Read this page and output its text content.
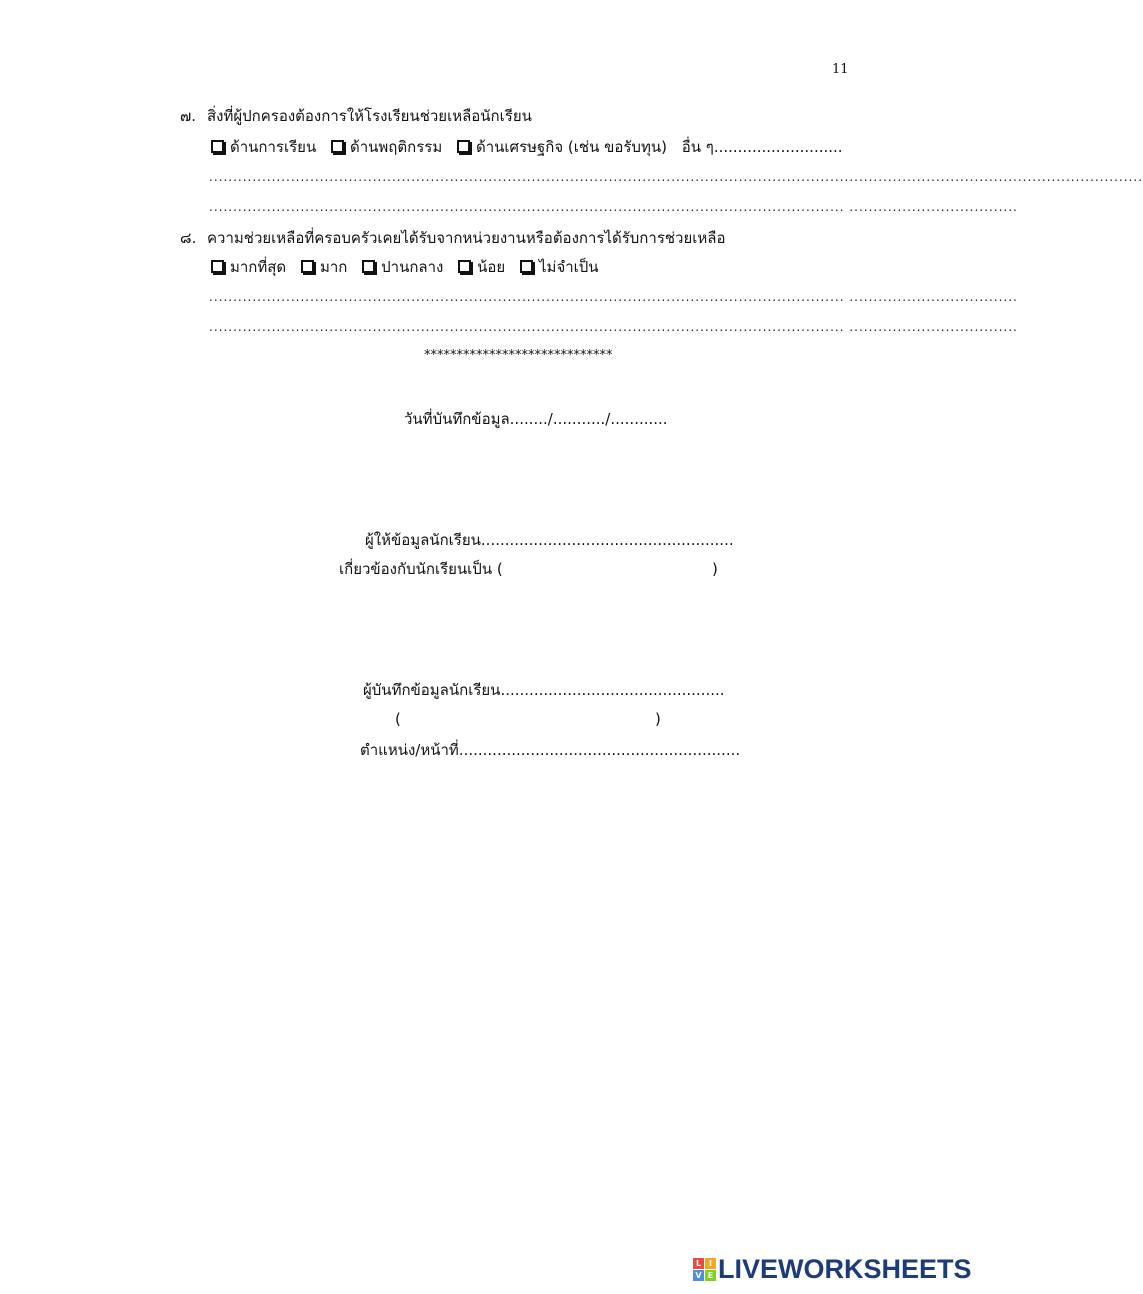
11
๗. สิ่งที่ผู้ปกครองต้องการให้โรงเรียนช่วยเหลือนักเรียน
ด้านการเรียน ด้านพฤติกรรม ด้านเศรษฐกิจ (เช่น ขอรับทุน) อื่น ๆ...........................
..................................................................................................................................................................................................
.................................................................................................................................... ...................................
๘. ความช่วยเหลือที่ครอบครัวเคยได้รับจากหน่วยงานหรือต้องการได้รับการช่วยเหลือ
มากที่สุด มาก ปานกลาง น้อย ไม่จำเป็น
.................................................................................................................................... ...................................
.................................................................................................................................... ...................................
*****************************
วันที่บันทึกข้อมูล......../.........../............
ผู้ให้ข้อมูลนักเรียน.....................................................
เกี่ยวข้องกับนักเรียนเป็น (	)
ผู้บันทึกข้อมูลนักเรียน...............................................
(	)
ตำแหน่ง/หน้าที่...........................................................
L I
V E LIVEWORKSHEETS
